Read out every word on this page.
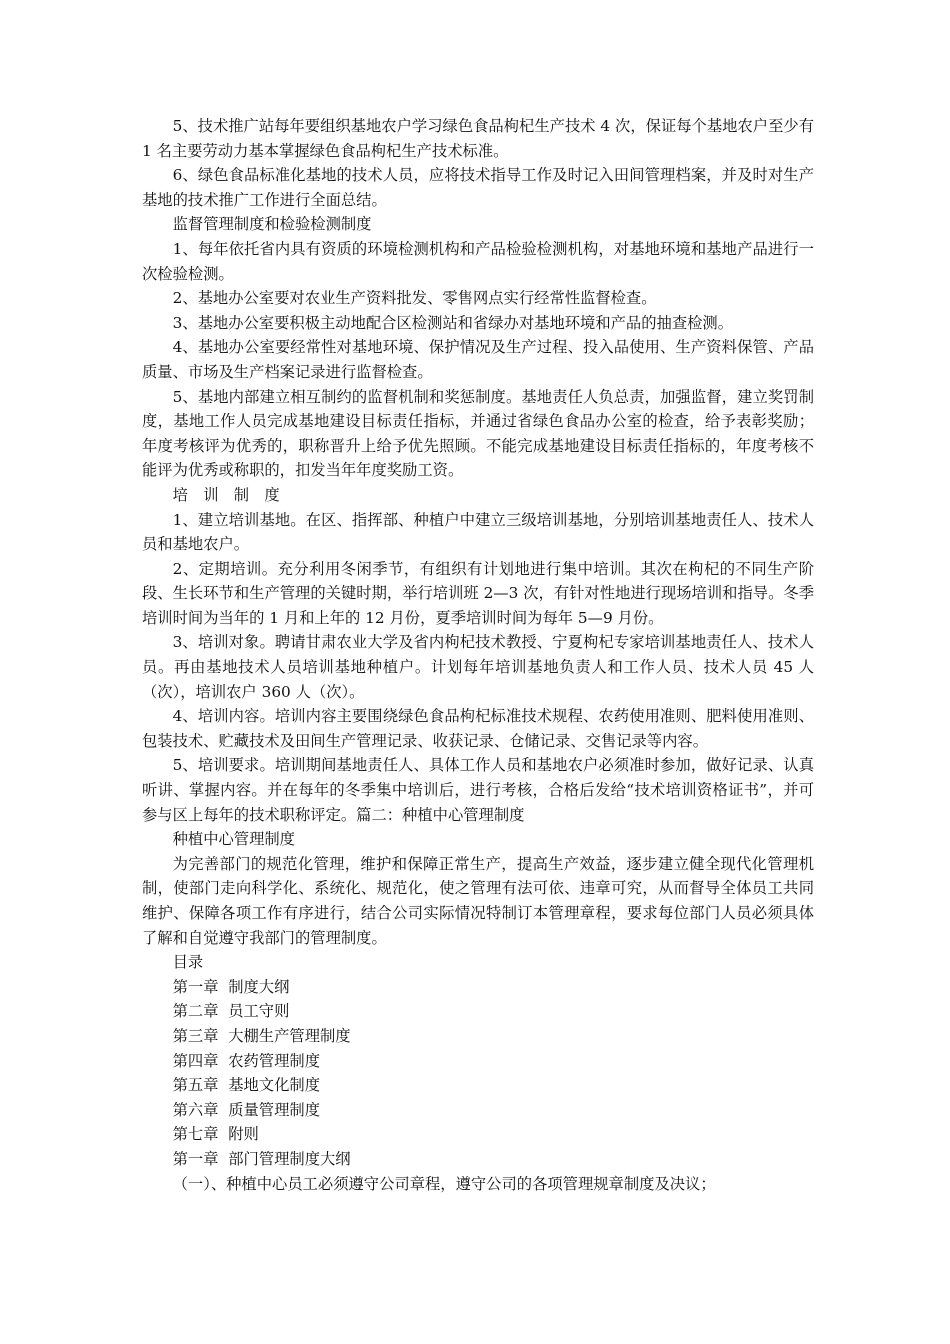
5、技术推广站每年要组织基地农户学习绿色食品枸杞生产技术 4 次，保证每个基地农户至少有 1 名主要劳动力基本掌握绿色食品枸杞生产技术标准。

6、绿色食品标准化基地的技术人员，应将技术指导工作及时记入田间管理档案，并及时对生产基地的技术推广工作进行全面总结。

监督管理制度和检验检测制度

1、每年依托省内具有资质的环境检测机构和产品检验检测机构，对基地环境和基地产品进行一次检验检测。

2、基地办公室要对农业生产资料批发、零售网点实行经常性监督检查。

3、基地办公室要积极主动地配合区检测站和省绿办对基地环境和产品的抽查检测。

4、基地办公室要经常性对基地环境、保护情况及生产过程、投入品使用、生产资料保管、产品质量、市场及生产档案记录进行监督检查。

5、基地内部建立相互制约的监督机制和奖惩制度。基地责任人负总责，加强监督，建立奖罚制度，基地工作人员完成基地建设目标责任指标，并通过省绿色食品办公室的检查，给予表彰奖励；年度考核评为优秀的，职称晋升上给予优先照顾。不能完成基地建设目标责任指标的，年度考核不能评为优秀或称职的，扣发当年年度奖励工资。

培　训　制　度

1、建立培训基地。在区、指挥部、种植户中建立三级培训基地，分别培训基地责任人、技术人员和基地农户。

2、定期培训。充分利用冬闲季节，有组织有计划地进行集中培训。其次在枸杞的不同生产阶段、生长环节和生产管理的关键时期，举行培训班 2—3 次，有针对性地进行现场培训和指导。冬季培训时间为当年的 1 月和上年的 12 月份，夏季培训时间为每年 5—9 月份。

3、培训对象。聘请甘肃农业大学及省内枸杞技术教授、宁夏枸杞专家培训基地责任人、技术人员。再由基地技术人员培训基地种植户。计划每年培训基地负责人和工作人员、技术人员 45 人（次），培训农户 360 人（次）。

4、培训内容。培训内容主要围绕绿色食品枸杞标准技术规程、农药使用准则、肥料使用准则、包装技术、贮藏技术及田间生产管理记录、收获记录、仓储记录、交售记录等内容。

5、培训要求。培训期间基地责任人、具体工作人员和基地农户必须准时参加，做好记录、认真听讲、掌握内容。并在每年的冬季集中培训后，进行考核，合格后发给“技术培训资格证书”，并可参与区上每年的技术职称评定。篇二：种植中心管理制度

种植中心管理制度

为完善部门的规范化管理，维护和保障正常生产，提高生产效益，逐步建立健全现代化管理机制，使部门走向科学化、系统化、规范化，使之管理有法可依、违章可究，从而督导全体员工共同维护、保障各项工作有序进行，结合公司实际情况特制订本管理章程，要求每位部门人员必须具体了解和自觉遵守我部门的管理制度。

目录

第一章  制度大纲

第二章  员工守则

第三章  大棚生产管理制度

第四章  农药管理制度

第五章  基地文化制度

第六章  质量管理制度

第七章  附则

第一章  部门管理制度大纲

（一）、种植中心员工必须遵守公司章程，遵守公司的各项管理规章制度及决议；
